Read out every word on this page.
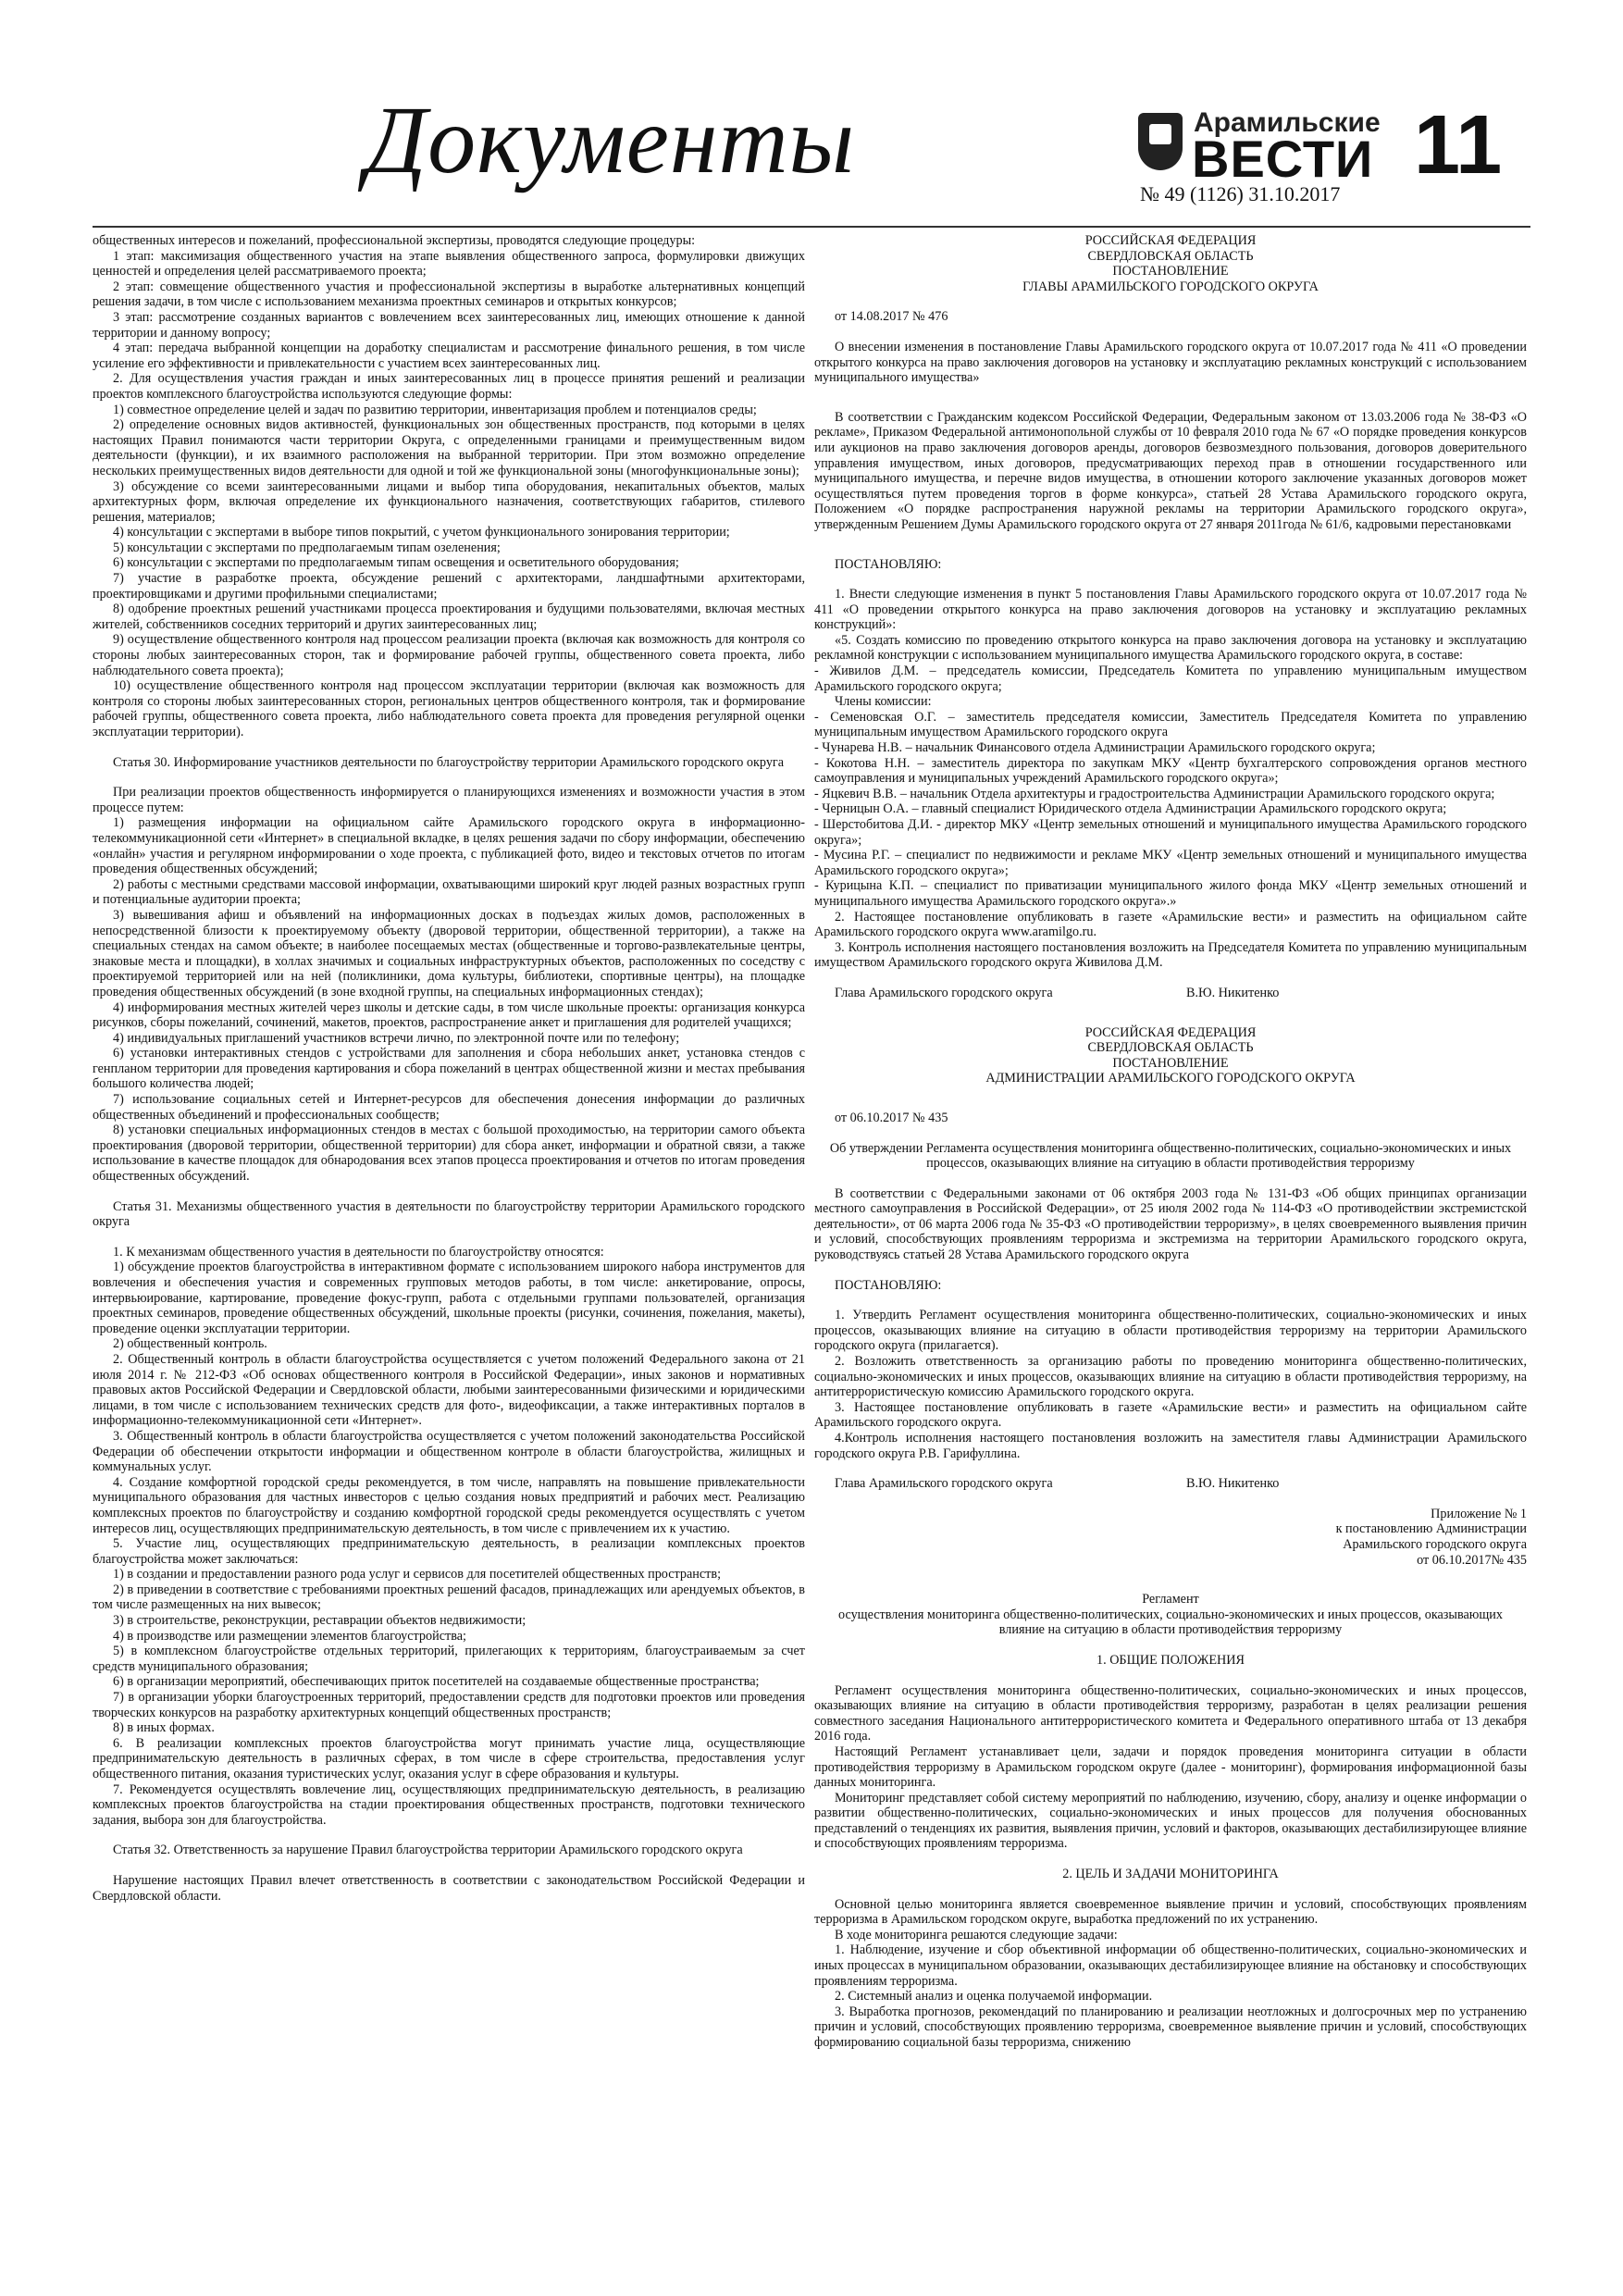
Документы	Арамильские
ВЕСТИ
№ 49 (1126) 31.10.2017
11

общественных интересов и пожеланий, профессиональной экспертизы, проводятся следующие процедуры:

1 этап: максимизация общественного участия на этапе выявления общественного запроса, формулировки движущих ценностей и определения целей рассматриваемого проекта;

2 этап: совмещение общественного участия и профессиональной экспертизы в выработке альтернативных концепций решения задачи, в том числе с использованием механизма проектных семинаров и открытых конкурсов;

3 этап: рассмотрение созданных вариантов с вовлечением всех заинтересованных лиц, имеющих отношение к данной территории и данному вопросу;

4 этап: передача выбранной концепции на доработку специалистам и рассмотрение финального решения, в том числе усиление его эффективности и привлекательности с участием всех заинтересованных лиц.

2. Для осуществления участия граждан и иных заинтересованных лиц в процессе принятия решений и реализации проектов комплексного благоустройства используются следующие формы:

1) совместное определение целей и задач по развитию территории, инвентаризация проблем и потенциалов среды;

2) определение основных видов активностей, функциональных зон общественных пространств, под которыми в целях настоящих Правил понимаются части территории Округа, с определенными границами и преимущественным видом деятельности (функции), и их взаимного расположения на выбранной территории. При этом возможно определение нескольких преимущественных видов деятельности для одной и той же функциональной зоны (многофункциональные зоны);

3) обсуждение со всеми заинтересованными лицами и выбор типа оборудования, некапитальных объектов, малых архитектурных форм, включая определение их функционального назначения, соответствующих габаритов, стилевого решения, материалов;

4) консультации с экспертами в выборе типов покрытий, с учетом функционального зонирования территории;

5) консультации с экспертами по предполагаемым типам озеленения;

6) консультации с экспертами по предполагаемым типам освещения и осветительного оборудования;

7) участие в разработке проекта, обсуждение решений с архитекторами, ландшафтными архитекторами, проектировщиками и другими профильными специалистами;

8) одобрение проектных решений участниками процесса проектирования и будущими пользователями, включая местных жителей, собственников соседних территорий и других заинтересованных лиц;

9) осуществление общественного контроля над процессом реализации проекта (включая как возможность для контроля со стороны любых заинтересованных сторон, так и формирование рабочей группы, общественного совета проекта, либо наблюдательного совета проекта);

10) осуществление общественного контроля над процессом эксплуатации территории (включая как возможность для контроля со стороны любых заинтересованных сторон, региональных центров общественного контроля, так и формирование рабочей группы, общественного совета проекта, либо наблюдательного совета проекта для проведения регулярной оценки эксплуатации территории).

Статья 30. Информирование участников деятельности по благоустройству территории Арамильского городского округа

При реализации проектов общественность информируется о планирующихся изменениях и возможности участия в этом процессе путем:

1) размещения информации на официальном сайте Арамильского городского округа в информационно-телекоммуникационной сети «Интернет» в специальной вкладке, в целях решения задачи по сбору информации, обеспечению «онлайн» участия и регулярном информировании о ходе проекта, с публикацией фото, видео и текстовых отчетов по итогам проведения общественных обсуждений;

2) работы с местными средствами массовой информации, охватывающими широкий круг людей разных возрастных групп и потенциальные аудитории проекта;

3) вывешивания афиш и объявлений на информационных досках в подъездах жилых домов, расположенных в непосредственной близости к проектируемому объекту (дворовой территории, общественной территории), а также на специальных стендах на самом объекте; в наиболее посещаемых местах (общественные и торгово-развлекательные центры, знаковые места и площадки), в холлах значимых и социальных инфраструктурных объектов, расположенных по соседству с проектируемой территорией или на ней (поликлиники, дома культуры, библиотеки, спортивные центры), на площадке проведения общественных обсуждений (в зоне входной группы, на специальных информационных стендах);

4) информирования местных жителей через школы и детские сады, в том числе школьные проекты: организация конкурса рисунков, сборы пожеланий, сочинений, макетов, проектов, распространение анкет и приглашения для родителей учащихся;

4) индивидуальных приглашений участников встречи лично, по электронной почте или по телефону;

6) установки интерактивных стендов с устройствами для заполнения и сбора небольших анкет, установка стендов с генпланом территории для проведения картирования и сбора пожеланий в центрах общественной жизни и местах пребывания большого количества людей;

7) использование социальных сетей и Интернет-ресурсов для обеспечения донесения информации до различных общественных объединений и профессиональных сообществ;

8) установки специальных информационных стендов в местах с большой проходимостью, на территории самого объекта проектирования (дворовой территории, общественной территории) для сбора анкет, информации и обратной связи, а также использование в качестве площадок для обнародования всех этапов процесса проектирования и отчетов по итогам проведения общественных обсуждений.

Статья 31. Механизмы общественного участия в деятельности по благоустройству территории Арамильского городского округа

1. К механизмам общественного участия в деятельности по благоустройству относятся:

1) обсуждение проектов благоустройства в интерактивном формате с использованием широкого набора инструментов для вовлечения и обеспечения участия и современных групповых методов работы, в том числе: анкетирование, опросы, интервьюирование, картирование, проведение фокус-групп, работа с отдельными группами пользователей, организация проектных семинаров, проведение общественных обсуждений, школьные проекты (рисунки, сочинения, пожелания, макеты), проведение оценки эксплуатации территории.

2) общественный контроль.

2. Общественный контроль в области благоустройства осуществляется с учетом положений Федерального закона от 21 июля 2014 г. № 212-ФЗ «Об основах общественного контроля в Российской Федерации», иных законов и нормативных правовых актов Российской Федерации и Свердловской области, любыми заинтересованными физическими и юридическими лицами, в том числе с использованием технических средств для фото-, видеофиксации, а также интерактивных порталов в информационно-телекоммуникационной сети «Интернет».

3. Общественный контроль в области благоустройства осуществляется с учетом положений законодательства Российской Федерации об обеспечении открытости информации и общественном контроле в области благоустройства, жилищных и коммунальных услуг.

4. Создание комфортной городской среды рекомендуется, в том числе, направлять на повышение привлекательности муниципального образования для частных инвесторов с целью создания новых предприятий и рабочих мест. Реализацию комплексных проектов по благоустройству и созданию комфортной городской среды рекомендуется осуществлять с учетом интересов лиц, осуществляющих предпринимательскую деятельность, в том числе с привлечением их к участию.

5. Участие лиц, осуществляющих предпринимательскую деятельность, в реализации комплексных проектов благоустройства может заключаться:

1) в создании и предоставлении разного рода услуг и сервисов для посетителей общественных пространств;

2) в приведении в соответствие с требованиями проектных решений фасадов, принадлежащих или арендуемых объектов, в том числе размещенных на них вывесок;

3) в строительстве, реконструкции, реставрации объектов недвижимости;

4) в производстве или размещении элементов благоустройства;

5) в комплексном благоустройстве отдельных территорий, прилегающих к территориям, благоустраиваемым за счет средств муниципального образования;

6) в организации мероприятий, обеспечивающих приток посетителей на создаваемые общественные пространства;

7) в организации уборки благоустроенных территорий, предоставлении средств для подготовки проектов или проведения творческих конкурсов на разработку архитектурных концепций общественных пространств;

8) в иных формах.

6. В реализации комплексных проектов благоустройства могут принимать участие лица, осуществляющие предпринимательскую деятельность в различных сферах, в том числе в сфере строительства, предоставления услуг общественного питания, оказания туристических услуг, оказания услуг в сфере образования и культуры.

7. Рекомендуется осуществлять вовлечение лиц, осуществляющих предпринимательскую деятельность, в реализацию комплексных проектов благоустройства на стадии проектирования общественных пространств, подготовки технического задания, выбора зон для благоустройства.

Статья 32. Ответственность за нарушение Правил благоустройства территории Арамильского городского округа

Нарушение настоящих Правил влечет ответственность в соответствии с законодательством Российской Федерации и Свердловской области.

РОССИЙСКАЯ ФЕДЕРАЦИЯ

СВЕРДЛОВСКАЯ ОБЛАСТЬ

ПОСТАНОВЛЕНИЕ

ГЛАВЫ АРАМИЛЬСКОГО ГОРОДСКОГО ОКРУГА

от 14.08.2017 № 476

О внесении изменения в постановление Главы Арамильского городского округа от 10.07.2017 года № 411 «О проведении открытого конкурса на право заключения договоров на установку и эксплуатацию рекламных конструкций с использованием муниципального имущества»

В соответствии с Гражданским кодексом Российской Федерации, Федеральным законом от 13.03.2006 года № 38-ФЗ «О рекламе», Приказом Федеральной антимонопольной службы от 10 февраля 2010 года № 67 «О порядке проведения конкурсов или аукционов на право заключения договоров аренды, договоров безвозмездного пользования, договоров доверительного управления имуществом, иных договоров, предусматривающих переход прав в отношении государственного или муниципального имущества, и перечне видов имущества, в отношении которого заключение указанных договоров может осуществляться путем проведения торгов в форме конкурса», статьей 28 Устава Арамильского городского округа, Положением «О порядке распространения наружной рекламы на территории Арамильского городского округа», утвержденным Решением Думы Арамильского городского округа от 27 января 2011года № 61/6, кадровыми перестановками

ПОСТАНОВЛЯЮ:

1. Внести следующие изменения в пункт 5 постановления Главы Арамильского городского округа от 10.07.2017 года № 411 «О проведении открытого конкурса на право заключения договоров на установку и эксплуатацию рекламных конструкций»:

«5. Создать комиссию по проведению открытого конкурса на право заключения договора на установку и эксплуатацию рекламной конструкции с использованием муниципального имущества Арамильского городского округа, в составе:

- Живилов Д.М. – председатель комиссии, Председатель Комитета по управлению муниципальным имуществом Арамильского городского округа;

Члены комиссии:

- Семеновская О.Г. – заместитель председателя комиссии, Заместитель Председателя Комитета по управлению муниципальным имуществом Арамильского городского округа

- Чунарева Н.В. – начальник Финансового отдела Администрации Арамильского городского округа;

- Кокотова Н.Н. – заместитель директора по закупкам МКУ «Центр бухгалтерского сопровождения органов местного самоуправления и муниципальных учреждений Арамильского городского округа»;

- Яцкевич В.В. – начальник Отдела архитектуры и градостроительства Администрации Арамильского городского округа;

- Черницын О.А. – главный специалист Юридического отдела Администрации Арамильского городского округа;

- Шерстобитова Д.И. - директор МКУ «Центр земельных отношений и муниципального имущества Арамильского городского округа»;

- Мусина Р.Г. – специалист по недвижимости и рекламе МКУ «Центр земельных отношений и муниципального имущества Арамильского городского округа»;

- Курицына К.П. – специалист по приватизации муниципального жилого фонда МКУ «Центр земельных отношений и муниципального имущества Арамильского городского округа».»

2. Настоящее постановление опубликовать в газете «Арамильские вести» и разместить на официальном сайте Арамильского городского округа www.aramilgo.ru.

3. Контроль исполнения настоящего постановления возложить на Председателя Комитета по управлению муниципальным имуществом Арамильского городского округа Живилова Д.М.

Глава Арамильского городского округа	В.Ю. Никитенко

РОССИЙСКАЯ ФЕДЕРАЦИЯ

СВЕРДЛОВСКАЯ ОБЛАСТЬ

ПОСТАНОВЛЕНИЕ

АДМИНИСТРАЦИИ АРАМИЛЬСКОГО ГОРОДСКОГО ОКРУГА

от 06.10.2017 № 435

Об утверждении Регламента осуществления мониторинга общественно-политических, социально-экономических и иных процессов, оказывающих влияние на ситуацию в области противодействия терроризму

В соответствии с Федеральными законами от 06 октября 2003 года № 131-ФЗ «Об общих принципах организации местного самоуправления в Российской Федерации», от 25 июля 2002 года № 114-ФЗ «О противодействии экстремистской деятельности», от 06 марта 2006 года № 35-ФЗ «О противодействии терроризму», в целях своевременного выявления причин и условий, способствующих проявлениям терроризма и экстремизма на территории Арамильского городского округа, руководствуясь статьей 28 Устава Арамильского городского округа

ПОСТАНОВЛЯЮ:

1. Утвердить Регламент осуществления мониторинга общественно-политических, социально-экономических и иных процессов, оказывающих влияние на ситуацию в области противодействия терроризму на территории Арамильского городского округа (прилагается).

2. Возложить ответственность за организацию работы по проведению мониторинга общественно-политических, социально-экономических и иных процессов, оказывающих влияние на ситуацию в области противодействия терроризму, на антитеррористическую комиссию Арамильского городского округа.

3. Настоящее постановление опубликовать в газете «Арамильские вести» и разместить на официальном сайте Арамильского городского округа.

4.Контроль исполнения настоящего постановления возложить на заместителя главы Администрации Арамильского городского округа Р.В. Гарифуллина.

Глава Арамильского городского округа	В.Ю. Никитенко

Приложение № 1

к постановлению Администрации

Арамильского городского округа

от 06.10.2017№ 435

Регламент

осуществления мониторинга общественно-политических, социально-экономических и иных процессов, оказывающих влияние на ситуацию в области противодействия терроризму

1. ОБЩИЕ ПОЛОЖЕНИЯ

Регламент осуществления мониторинга общественно-политических, социально-экономических и иных процессов, оказывающих влияние на ситуацию в области противодействия терроризму, разработан в целях реализации решения совместного заседания Национального антитеррористического комитета и Федерального оперативного штаба от 13 декабря 2016 года.

Настоящий Регламент устанавливает цели, задачи и порядок проведения мониторинга ситуации в области противодействия терроризму в Арамильском городском округе (далее - мониторинг), формирования информационной базы данных мониторинга.

Мониторинг представляет собой систему мероприятий по наблюдению, изучению, сбору, анализу и оценке информации о развитии общественно-политических, социально-экономических и иных процессов для получения обоснованных представлений о тенденциях их развития, выявления причин, условий и факторов, оказывающих дестабилизирующее влияние и способствующих проявлениям терроризма.

2. ЦЕЛЬ И ЗАДАЧИ МОНИТОРИНГА

Основной целью мониторинга является своевременное выявление причин и условий, способствующих проявлениям терроризма в Арамильском городском округе, выработка предложений по их устранению.

В ходе мониторинга решаются следующие задачи:

1. Наблюдение, изучение и сбор объективной информации об общественно-политических, социально-экономических и иных процессах в муниципальном образовании, оказывающих дестабилизирующее влияние на обстановку и способствующих проявлениям терроризма.

2. Системный анализ и оценка получаемой информации.

3. Выработка прогнозов, рекомендаций по планированию и реализации неотложных и долгосрочных мер по устранению причин и условий, способствующих проявлению терроризма, своевременное выявление причин и условий, способствующих формированию социальной базы терроризма, снижению
